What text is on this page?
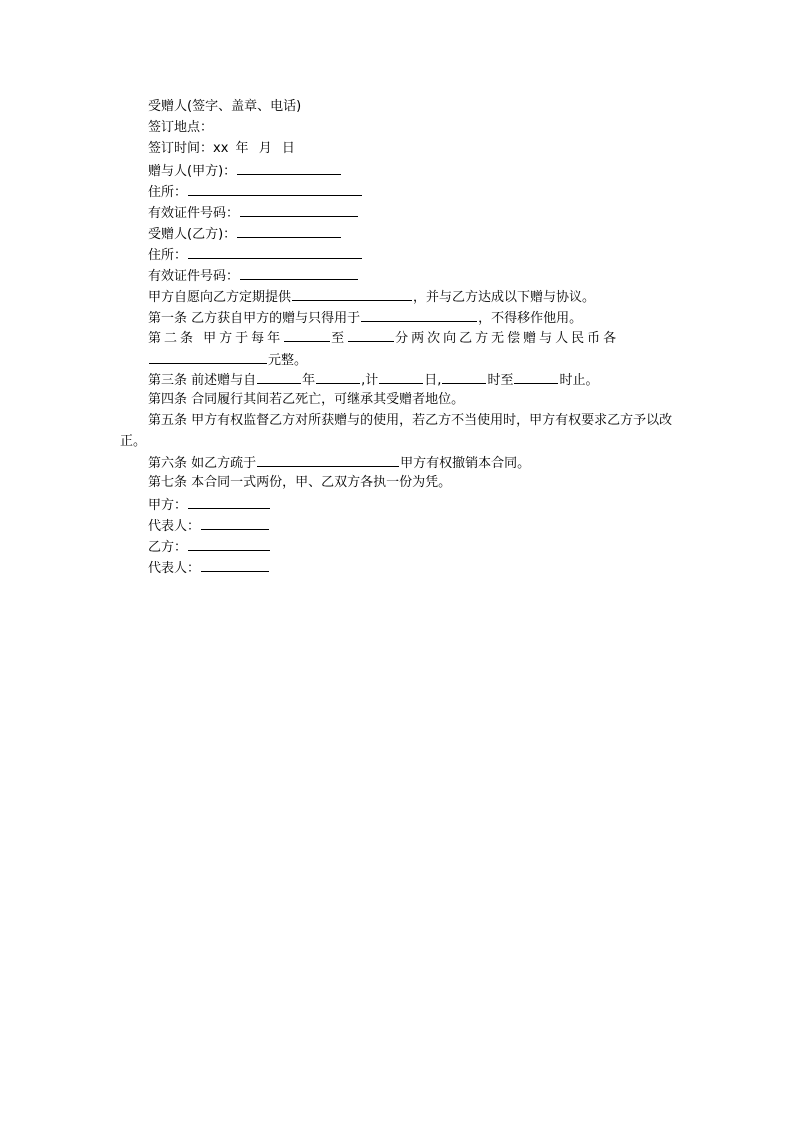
受赠人(签字、盖章、电话)
签订地点：
签订时间：xx 年 月 日
赠与人(甲方)：
住所：
有效证件号码：
受赠人(乙方)：
住所：
有效证件号码：
甲方自愿向乙方定期提供	，并与乙方达成以下赠与协议。
第一条 乙方获自甲方的赠与只得用于	，不得移作他用。
第二条 甲方于每年	至	分两次向乙方无偿赠与人民币各元整。
第三条 前述赠与自	年	,计	日,	时至	时止。
第四条 合同履行其间若乙死亡，可继承其受赠者地位。
第五条 甲方有权监督乙方对所获赠与的使用，若乙方不当使用时，甲方有权要求乙方予以改正。
第六条 如乙方疏于	甲方有权撤销本合同。
第七条 本合同一式两份，甲、乙双方各执一份为凭。
甲方：
代表人：
乙方：
代表人：
